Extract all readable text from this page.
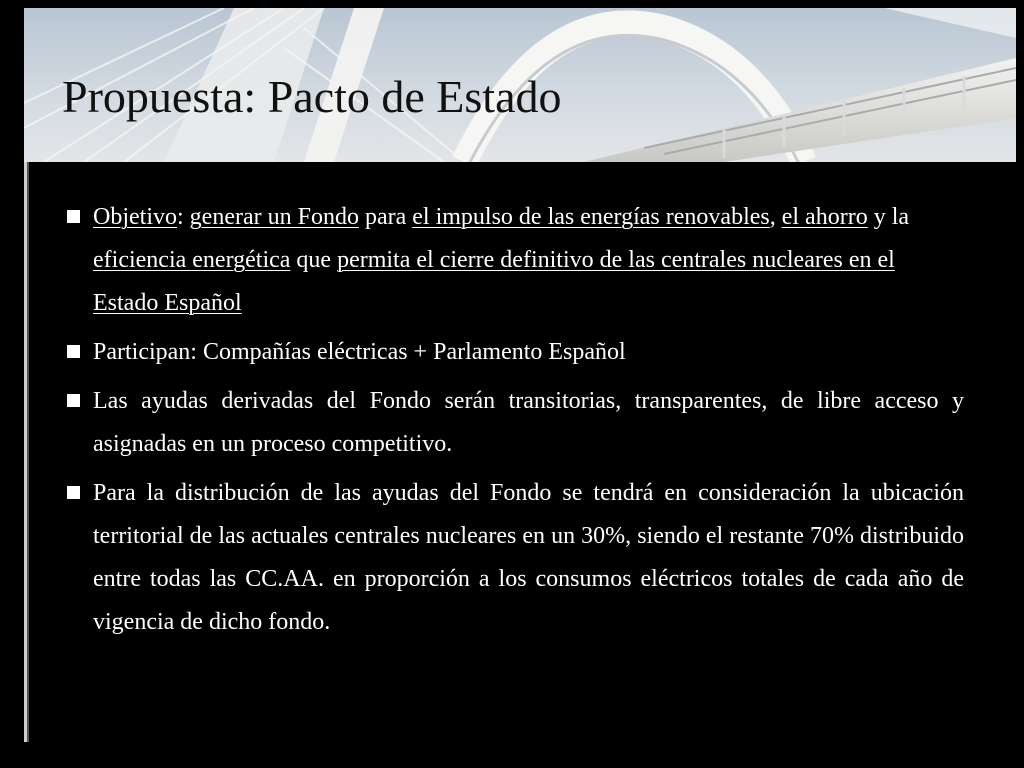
Propuesta: Pacto de Estado
Objetivo: generar un Fondo para el impulso de las energías renovables, el ahorro y la eficiencia energética que permita el cierre definitivo de las centrales nucleares en el Estado Español
Participan: Compañías eléctricas + Parlamento Español
Las ayudas derivadas del Fondo serán transitorias, transparentes, de libre acceso y asignadas en un proceso competitivo.
Para la distribución de las ayudas del Fondo se tendrá en consideración la ubicación territorial de las actuales centrales nucleares en un 30%, siendo el restante 70% distribuido entre todas las CC.AA. en proporción a los consumos eléctricos totales de cada año de vigencia de dicho fondo.
